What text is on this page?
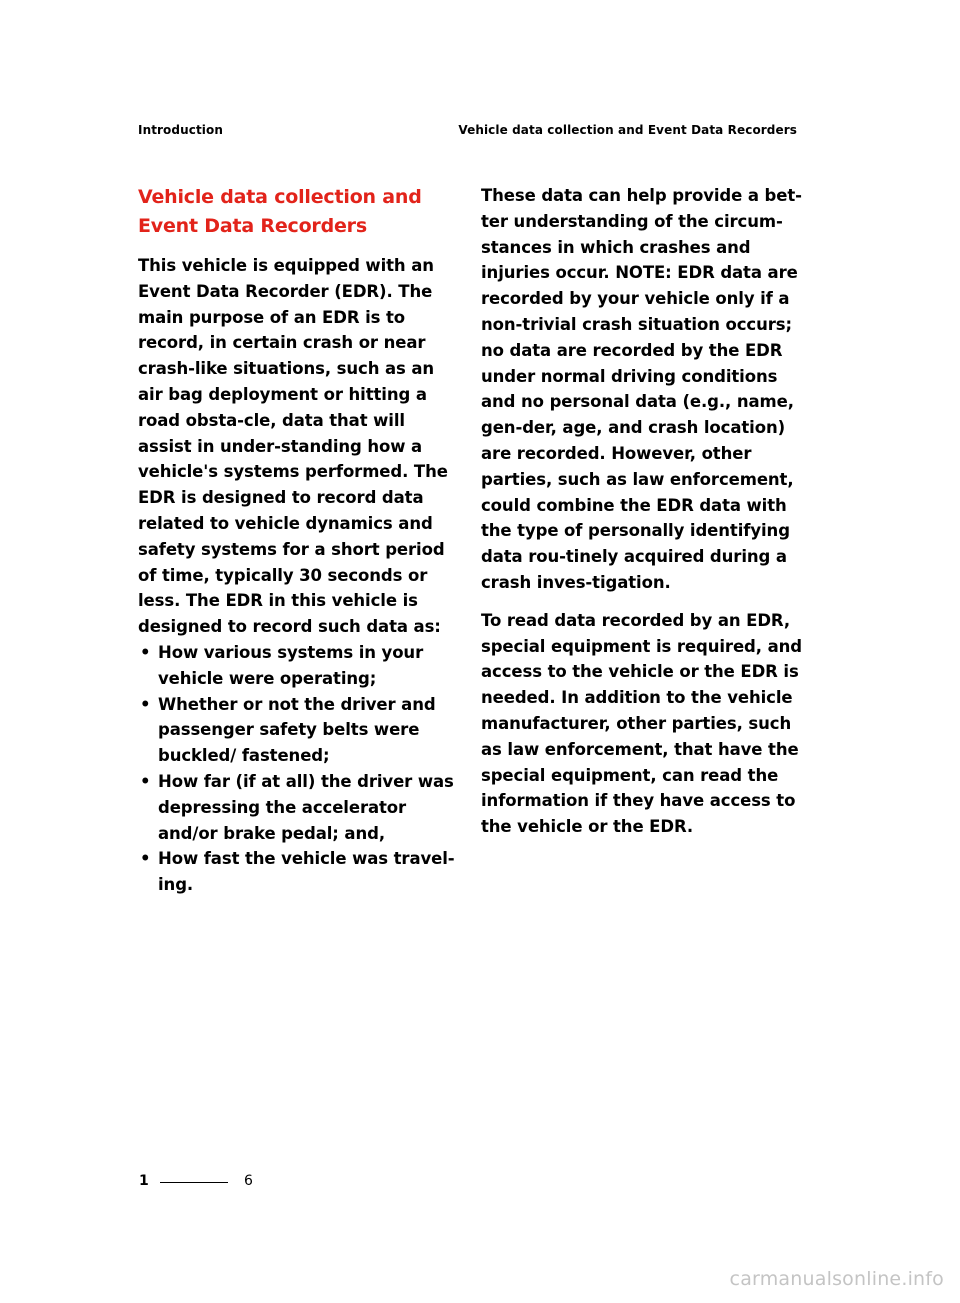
Introduction	Vehicle data collection and Event Data Recorders
Vehicle data collection and Event Data Recorders

This vehicle is equipped with an Event Data Recorder (EDR). The main purpose of an EDR is to record, in certain crash or near crash-like situations, such as an air bag deployment or hitting a road obsta-cle, data that will assist in under-standing how a vehicle's systems performed. The EDR is designed to record data related to vehicle dynamics and safety systems for a short period of time, typically 30 seconds or less. The EDR in this vehicle is designed to record such data as:

• How various systems in your vehicle were operating;
• Whether or not the driver and passenger safety belts were buckled/ fastened;
• How far (if at all) the driver was depressing the accelerator and/or brake pedal; and,
• How fast the vehicle was travel-ing.

These data can help provide a bet-ter understanding of the circum-stances in which crashes and injuries occur. NOTE: EDR data are recorded by your vehicle only if a non-trivial crash situation occurs; no data are recorded by the EDR under normal driving conditions and no personal data (e.g., name, gen-der, age, and crash location) are recorded. However, other parties, such as law enforcement, could combine the EDR data with the type of personally identifying data rou-tinely acquired during a crash inves-tigation.

To read data recorded by an EDR, special equipment is required, and access to the vehicle or the EDR is needed. In addition to the vehicle manufacturer, other parties, such as law enforcement, that have the special equipment, can read the information if they have access to the vehicle or the EDR.

1	6
carmanualsonline.info
